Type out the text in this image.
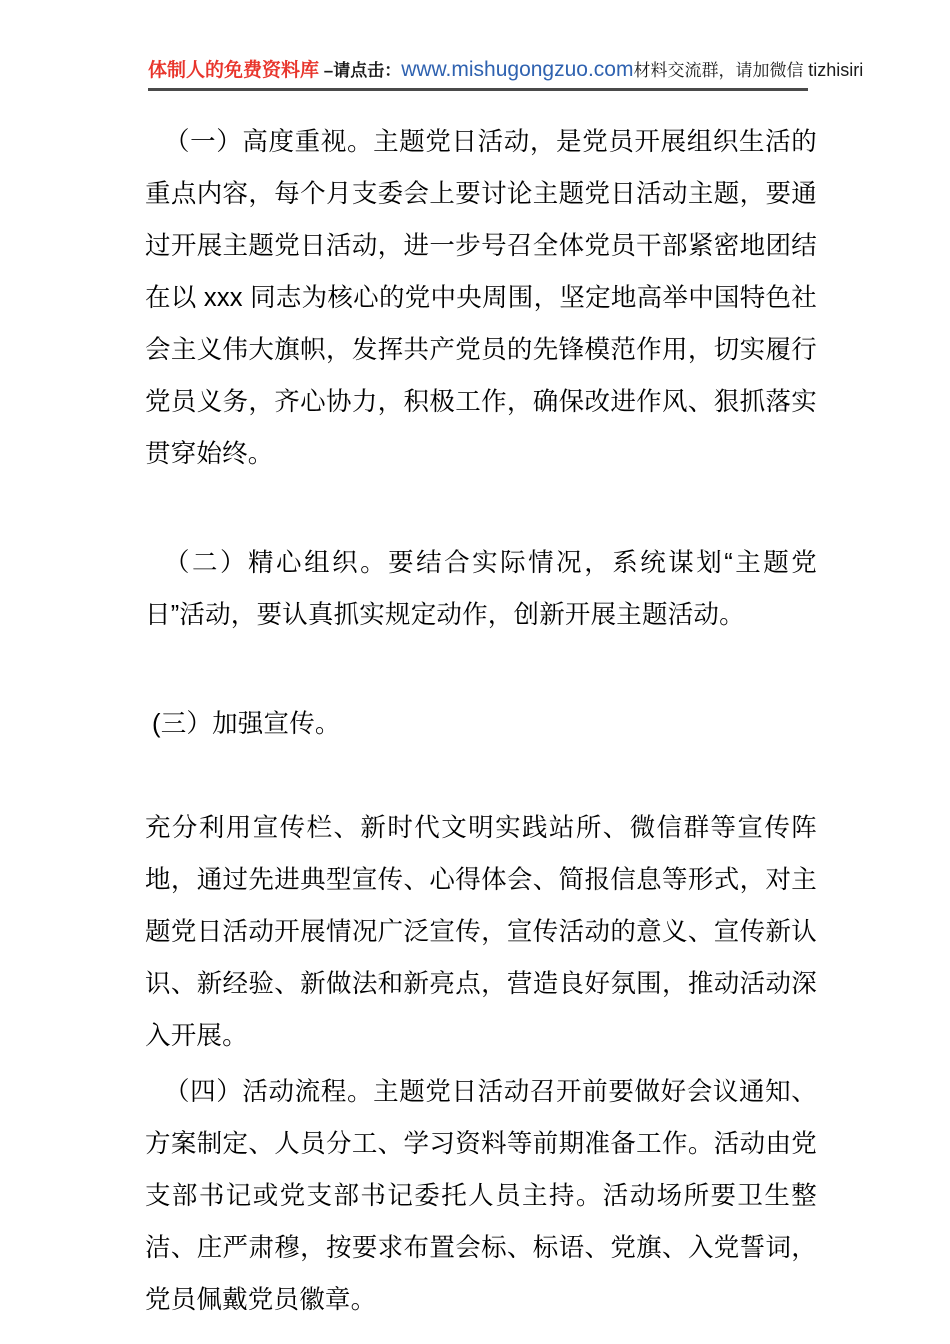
体制人的免费资料库 –请点击：www.mishugongzuo.com材料交流群，请加微信 tizhisiri

（一）高度重视。主题党日活动，是党员开展组织生活的重点内容，每个月支委会上要讨论主题党日活动主题，要通过开展主题党日活动，进一步号召全体党员干部紧密地团结在以 xxx 同志为核心的党中央周围，坚定地高举中国特色社会主义伟大旗帜，发挥共产党员的先锋模范作用，切实履行党员义务，齐心协力，积极工作，确保改进作风、狠抓落实贯穿始终。

（二）精心组织。要结合实际情况，系统谋划“主题党日”活动，要认真抓实规定动作，创新开展主题活动。

(三）加强宣传。

充分利用宣传栏、新时代文明实践站所、微信群等宣传阵地，通过先进典型宣传、心得体会、简报信息等形式，对主题党日活动开展情况广泛宣传，宣传活动的意义、宣传新认识、新经验、新做法和新亮点，营造良好氛围，推动活动深入开展。

（四）活动流程。主题党日活动召开前要做好会议通知、方案制定、人员分工、学习资料等前期准备工作。活动由党支部书记或党支部书记委托人员主持。活动场所要卫生整洁、庄严肃穆，按要求布置会标、标语、党旗、入党誓词，党员佩戴党员徽章。
